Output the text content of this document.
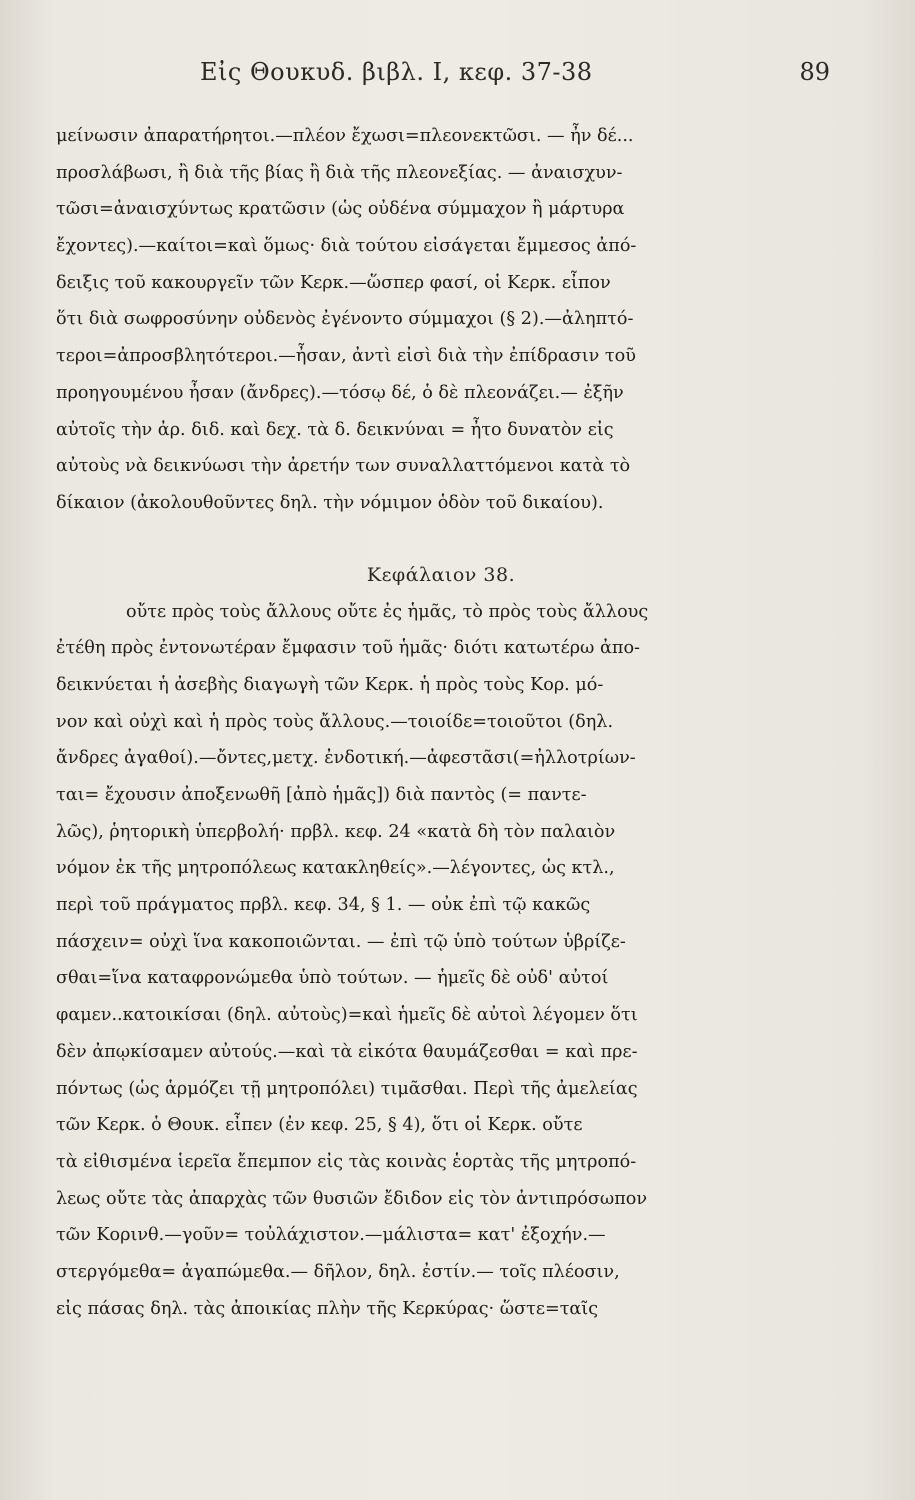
Εἰς Θουκυδ. βιβλ. I, κεφ. 37-38	89
μείνωσιν ἀπαρατήρητοι.—πλέον ἔχωσι=πλεονεκτῶσι. — ἦν δέ...
προσλάβωσι, ἢ διὰ τῆς βίας ἢ διὰ τῆς πλεονεξίας. — ἀναισχυν-
τῶσι=ἀναισχύντως κρατῶσιν (ὡς οὐδένα σύμμαχον ἢ μάρτυρα
ἔχοντες).—καίτοι=καὶ ὅμως· διὰ τούτου εἰσάγεται ἔμμεσος ἀπό-
δειξις τοῦ κακουργεῖν τῶν Κερκ.—ὥσπερ φασί, οἱ Κερκ. εἶπον
ὅτι διὰ σωφροσύνην οὐδενὸς ἐγένοντο σύμμαχοι (§ 2).—ἀληπτό-
τεροι=ἀπροσβλητότεροι.—ἦσαν, ἀντὶ εἰσὶ διὰ τὴν ἐπίδρασιν τοῦ
προηγουμένου ἦσαν (ἄνδρες).—τόσῳ δέ, ὁ δὲ πλεονάζει.— ἐξῆν
αὐτοῖς τὴν ἀρ. διδ. καὶ δεχ. τὰ δ. δεικνύναι = ἦτο δυνατὸν εἰς
αὐτοὺς νὰ δεικνύωσι τὴν ἀρετήν των συναλλαττόμενοι κατὰ τὸ
δίκαιον (ἀκολουθοῦντες δηλ. τὴν νόμιμον ὁδὸν τοῦ δικαίου).
Κεφάλαιον 38.
οὔτε πρὸς τοὺς ἄλλους οὔτε ἐς ἡμᾶς, τὸ πρὸς τοὺς ἄλλους
ἐτέθη πρὸς ἐντονωτέραν ἔμφασιν τοῦ ἡμᾶς· διότι κατωτέρω ἀπο-
δεικνύεται ἡ ἀσεβὴς διαγωγὴ τῶν Κερκ. ἡ πρὸς τοὺς Κορ. μό-
νον καὶ οὐχὶ καὶ ἡ πρὸς τοὺς ἄλλους.—τοιοίδε=τοιοῦτοι (δηλ.
ἄνδρες ἀγαθοί).—ὄντες,μετχ. ἐνδοτική.—ἀφεστᾶσι(=ἠλλοτρίων-
ται= ἔχουσιν ἀποξενωθῆ [ἀπὸ ἡμᾶς]) διὰ παντὸς (= παντε-
λῶς), ῥητορικὴ ὑπερβολή· πρβλ. κεφ. 24 «κατὰ δὴ τὸν παλαιὸν
νόμον ἐκ τῆς μητροπόλεως κατακληθείς».—λέγοντες, ὡς κτλ.,
περὶ τοῦ πράγματος πρβλ. κεφ. 34, § 1. — οὐκ ἐπὶ τῷ κακῶς
πάσχειν= οὐχὶ ἵνα κακοποιῶνται. — ἐπὶ τῷ ὑπὸ τούτων ὑβρίζε-
σθαι=ἵνα καταφρονώμεθα ὑπὸ τούτων. — ἡμεῖς δὲ οὐδ' αὐτοί
φαμεν..κατοικίσαι (δηλ. αὐτοὺς)=καὶ ἡμεῖς δὲ αὐτοὶ λέγομεν ὅτι
δὲν ἀπῳκίσαμεν αὐτούς.—καὶ τὰ εἰκότα θαυμάζεσθαι = καὶ πρε-
πόντως (ὡς ἁρμόζει τῇ μητροπόλει) τιμᾶσθαι. Περὶ τῆς ἀμελείας
τῶν Κερκ. ὁ Θουκ. εἶπεν (ἐν κεφ. 25, § 4), ὅτι οἱ Κερκ. οὔτε
τὰ εἰθισμένα ἱερεῖα ἔπεμπον εἰς τὰς κοινὰς ἑορτὰς τῆς μητροπό-
λεως οὔτε τὰς ἀπαρχὰς τῶν θυσιῶν ἔδιδον εἰς τὸν ἀντιπρόσωπον
τῶν Κορινθ.—γοῦν= τοὐλάχιστον.—μάλιστα= κατ' ἐξοχήν.—
στεργόμεθα= ἀγαπώμεθα.— δῆλον, δηλ. ἐστίν.— τοῖς πλέοσιν,
εἰς πάσας δηλ. τὰς ἀποικίας πλὴν τῆς Κερκύρας· ὥστε=ταῖς
